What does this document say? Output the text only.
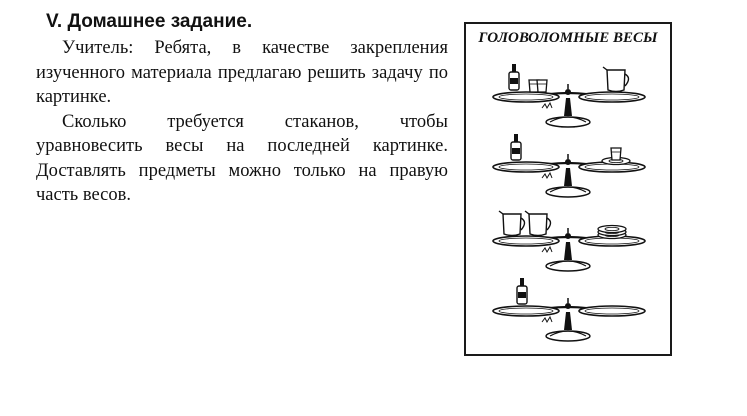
V. Домашнее задание.

Учитель: Ребята, в качестве закрепления изученного материала предлагаю решить задачу по картинке.

Сколько требуется стаканов, чтобы уравновесить весы на последней картинке. Доставлять предметы можно только на правую часть весов.

ГОЛОВОЛОМНЫЕ ВЕСЫ
